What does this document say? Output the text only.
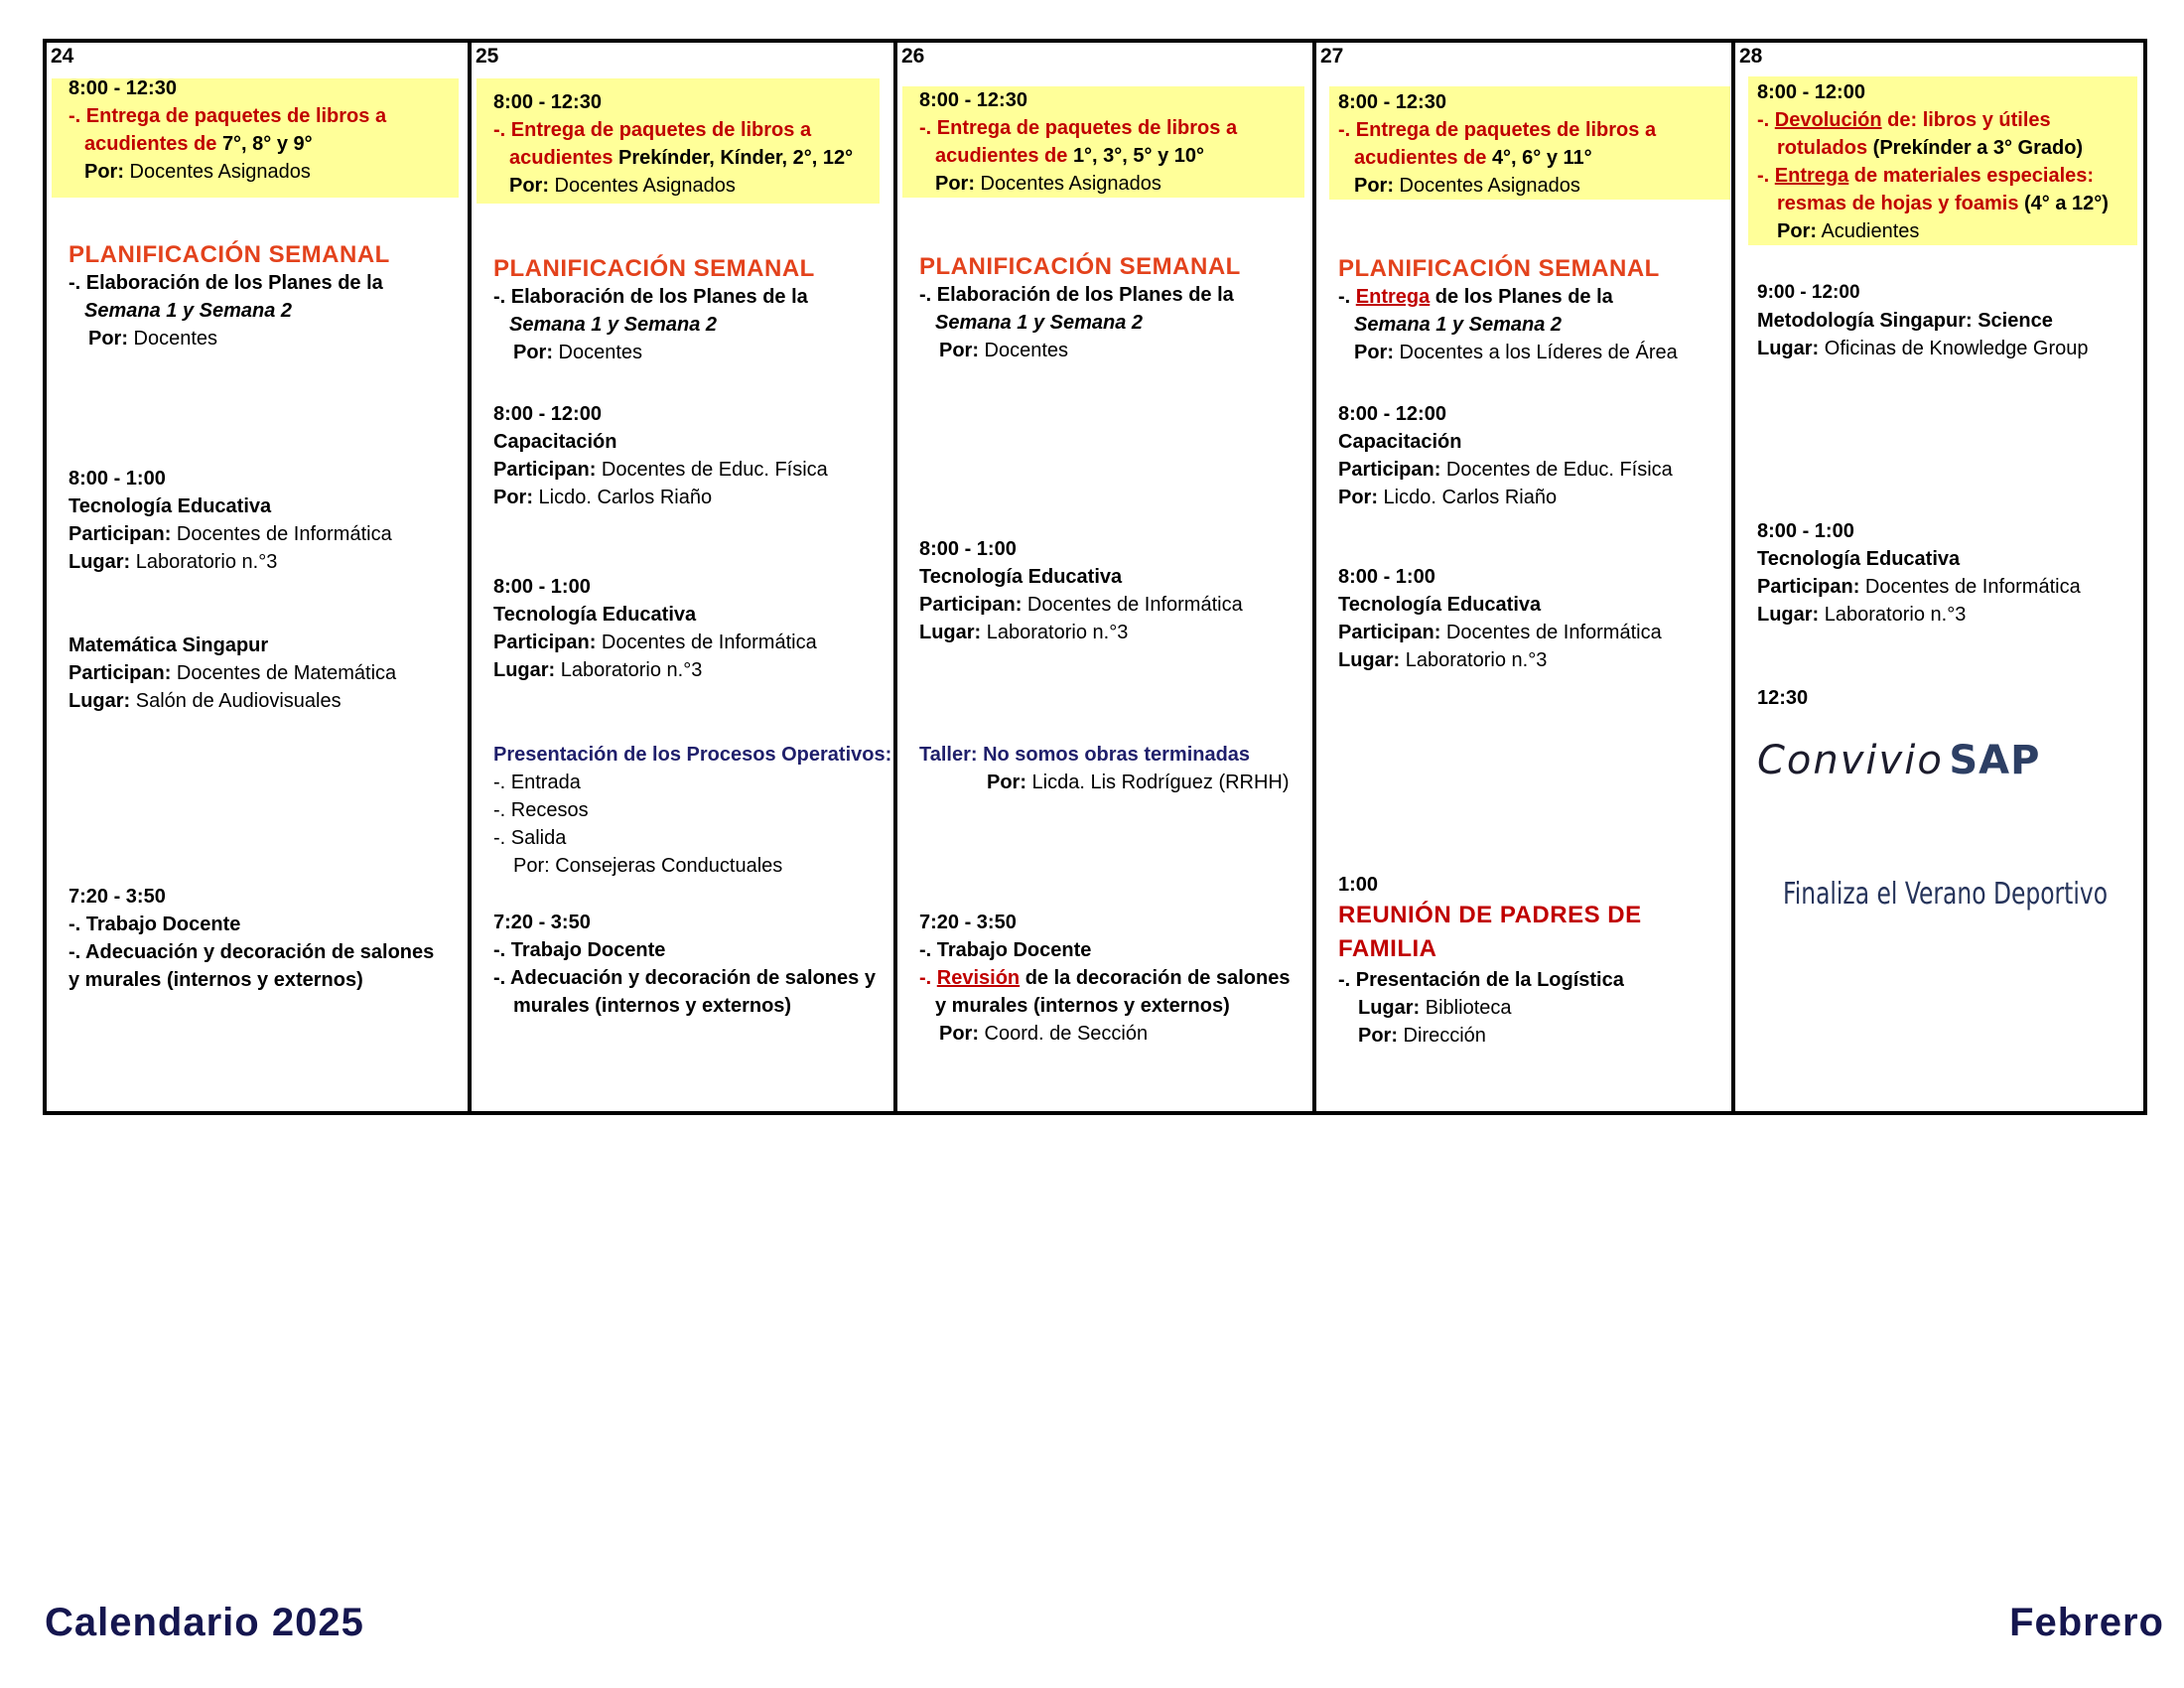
24
8:00 - 12:30
-. Entrega de paquetes de libros a
acudientes de 7°, 8° y 9°
Por: Docentes Asignados
PLANIFICACIÓN SEMANAL
-. Elaboración de los Planes de la
Semana 1 y Semana 2
Por: Docentes
8:00 - 1:00
Tecnología Educativa
Participan: Docentes de Informática
Lugar: Laboratorio n.°3
Matemática Singapur
Participan: Docentes de Matemática
Lugar: Salón de Audiovisuales
7:20 - 3:50
-. Trabajo Docente
-. Adecuación y decoración de salones
y murales (internos y externos)
25
8:00 - 12:30
-. Entrega de paquetes de libros a
acudientes Prekínder, Kínder, 2°, 12°
Por: Docentes Asignados
PLANIFICACIÓN SEMANAL
-. Elaboración de los Planes de la
Semana 1 y Semana 2
Por: Docentes
8:00 - 12:00
Capacitación
Participan: Docentes de Educ. Física
Por: Licdo. Carlos Riaño
8:00 - 1:00
Tecnología Educativa
Participan: Docentes de Informática
Lugar: Laboratorio n.°3
Presentación de los Procesos Operativos:
-. Entrada
-. Recesos
-. Salida
Por: Consejeras Conductuales
7:20 - 3:50
-. Trabajo Docente
-. Adecuación y decoración de salones y
murales (internos y externos)
26
8:00 - 12:30
-. Entrega de paquetes de libros a
acudientes de 1°, 3°, 5° y 10°
Por: Docentes Asignados
PLANIFICACIÓN SEMANAL
-. Elaboración de los Planes de la
Semana 1 y Semana 2
Por: Docentes
8:00 - 1:00
Tecnología Educativa
Participan: Docentes de Informática
Lugar: Laboratorio n.°3
Taller: No somos obras terminadas
Por: Licda. Lis Rodríguez (RRHH)
7:20 - 3:50
-. Trabajo Docente
-. Revisión de la decoración de salones
y murales (internos y externos)
Por: Coord. de Sección
27
8:00 - 12:30
-. Entrega de paquetes de libros a
acudientes de 4°, 6° y 11°
Por: Docentes Asignados
PLANIFICACIÓN SEMANAL
-. Entrega de los Planes de la
Semana 1 y Semana 2
Por: Docentes a los Líderes de Área
8:00 - 12:00
Capacitación
Participan: Docentes de Educ. Física
Por: Licdo. Carlos Riaño
8:00 - 1:00
Tecnología Educativa
Participan: Docentes de Informática
Lugar: Laboratorio n.°3
1:00
REUNIÓN DE PADRES DE
FAMILIA
-. Presentación de la Logística
Lugar: Biblioteca
Por: Dirección
28
8:00 - 12:00
-. Devolución de: libros y útiles
rotulados (Prekínder a 3° Grado)
-. Entrega de materiales especiales:
resmas de hojas y foamis (4° a 12°)
Por: Acudientes
9:00 - 12:00
Metodología Singapur: Science
Lugar: Oficinas de Knowledge Group
8:00 - 1:00
Tecnología Educativa
Participan: Docentes de Informática
Lugar: Laboratorio n.°3
12:30
Convivio SAP
Finaliza el Verano Deportivo
Calendario 2025	Febrero
